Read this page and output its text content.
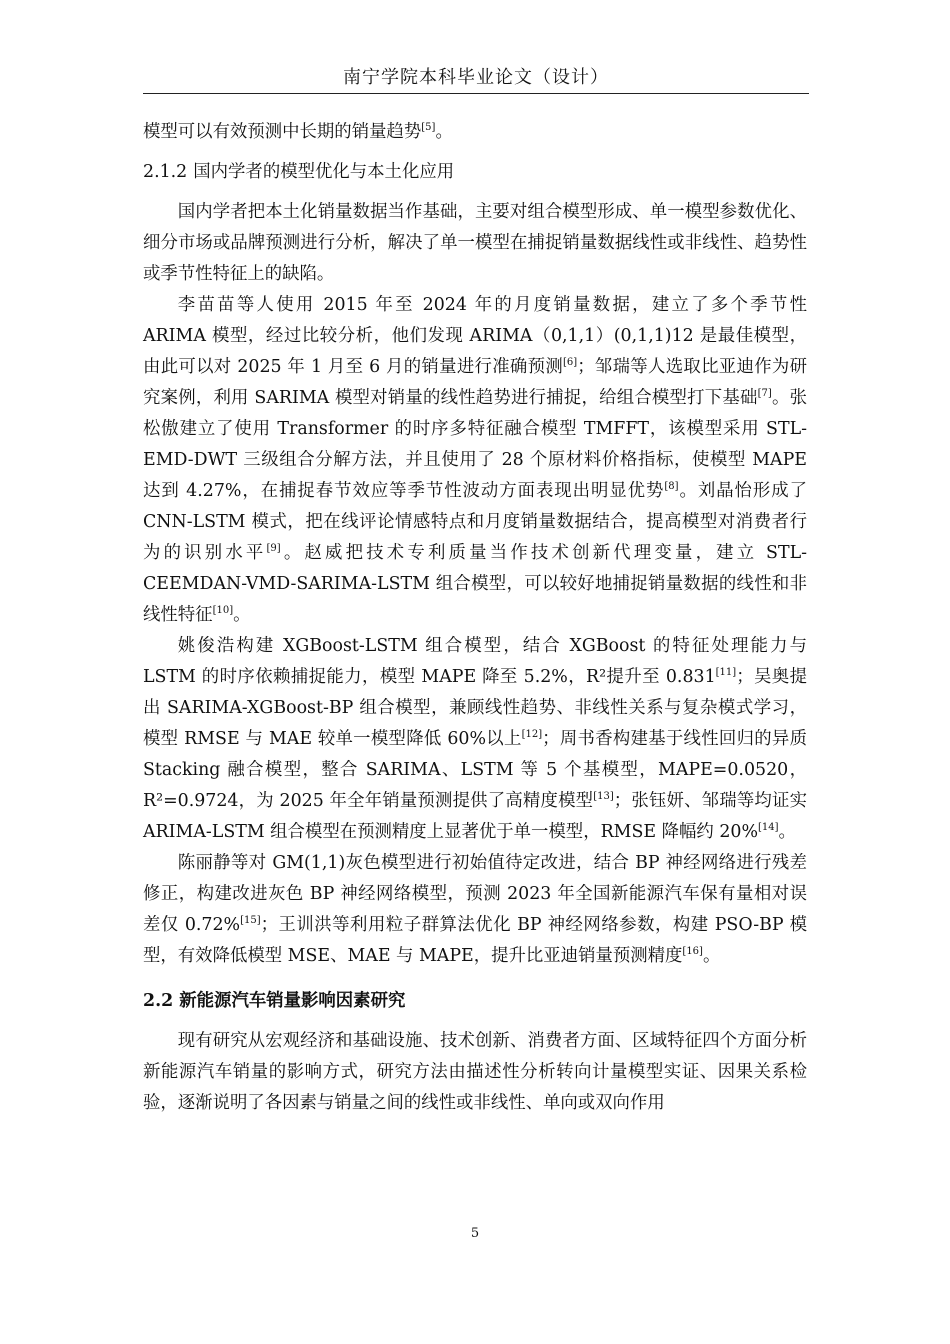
南宁学院本科毕业论文（设计）

模型可以有效预测中长期的销量趋势[5]。

2.1.2 国内学者的模型优化与本土化应用

国内学者把本土化销量数据当作基础，主要对组合模型形成、单一模型参数优化、细分市场或品牌预测进行分析，解决了单一模型在捕捉销量数据线性或非线性、趋势性或季节性特征上的缺陷。

李苗苗等人使用 2015 年至 2024 年的月度销量数据，建立了多个季节性 ARIMA 模型，经过比较分析，他们发现 ARIMA（0,1,1）(0,1,1)12 是最佳模型，由此可以对 2025 年 1 月至 6 月的销量进行准确预测[6]；邹瑞等人选取比亚迪作为研究案例，利用 SARIMA 模型对销量的线性趋势进行捕捉，给组合模型打下基础[7]。张松傲建立了使用 Transformer 的时序多特征融合模型 TMFFT，该模型采用 STL-EMD-DWT 三级组合分解方法，并且使用了 28 个原材料价格指标，使模型 MAPE 达到 4.27%，在捕捉春节效应等季节性波动方面表现出明显优势[8]。刘晶怡形成了 CNN-LSTM 模式，把在线评论情感特点和月度销量数据结合，提高模型对消费者行为的识别水平[9]。赵威把技术专利质量当作技术创新代理变量，建立 STL-CEEMDAN-VMD-SARIMA-LSTM 组合模型，可以较好地捕捉销量数据的线性和非线性特征[10]。

姚俊浩构建 XGBoost-LSTM 组合模型，结合 XGBoost 的特征处理能力与 LSTM 的时序依赖捕捉能力，模型 MAPE 降至 5.2%，R²提升至 0.831[11]；吴奥提出 SARIMA-XGBoost-BP 组合模型，兼顾线性趋势、非线性关系与复杂模式学习，模型 RMSE 与 MAE 较单一模型降低 60%以上[12]；周书香构建基于线性回归的异质 Stacking 融合模型，整合 SARIMA、LSTM 等 5 个基模型，MAPE=0.0520，R²=0.9724，为 2025 年全年销量预测提供了高精度模型[13]；张钰妍、邹瑞等均证实 ARIMA-LSTM 组合模型在预测精度上显著优于单一模型，RMSE 降幅约 20%[14]。

陈丽静等对 GM(1,1)灰色模型进行初始值待定改进，结合 BP 神经网络进行残差修正，构建改进灰色 BP 神经网络模型，预测 2023 年全国新能源汽车保有量相对误差仅 0.72%[15]；王训洪等利用粒子群算法优化 BP 神经网络参数，构建 PSO-BP 模型，有效降低模型 MSE、MAE 与 MAPE，提升比亚迪销量预测精度[16]。

2.2 新能源汽车销量影响因素研究

现有研究从宏观经济和基础设施、技术创新、消费者方面、区域特征四个方面分析新能源汽车销量的影响方式，研究方法由描述性分析转向计量模型实证、因果关系检验，逐渐说明了各因素与销量之间的线性或非线性、单向或双向作用

5
